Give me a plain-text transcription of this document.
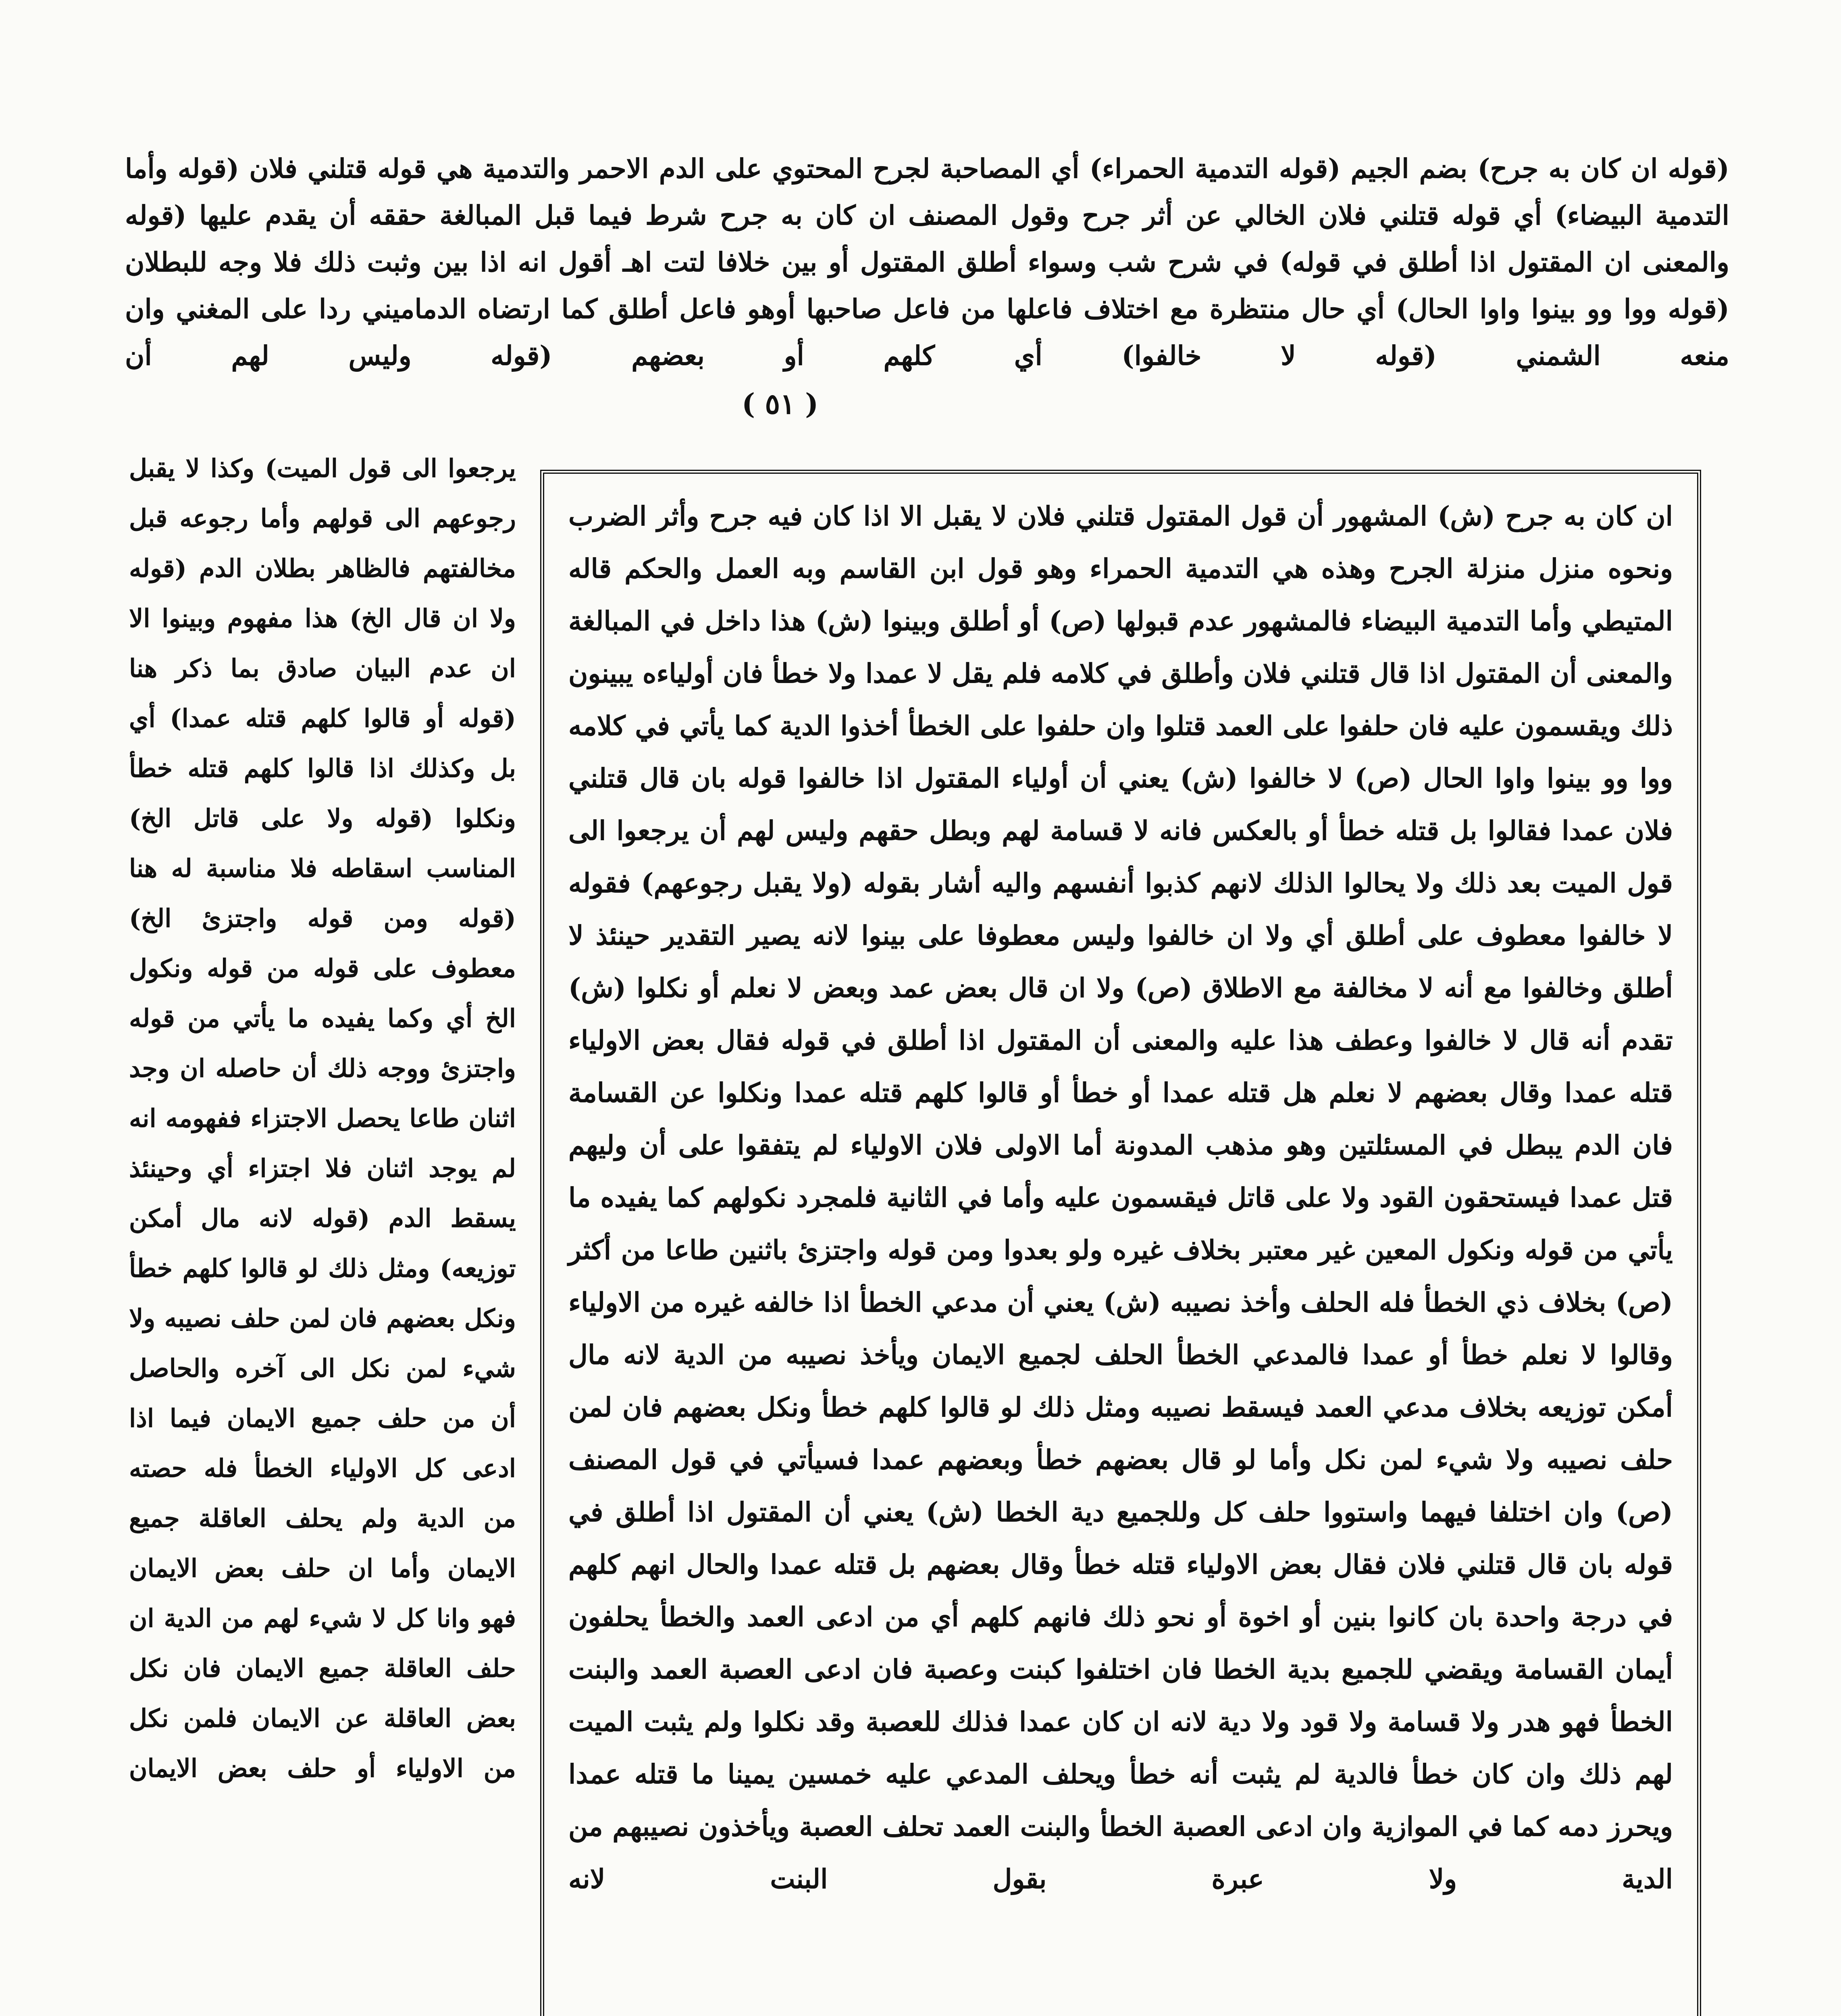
(قوله ان كان به جرح) بضم الجيم (قوله التدمية الحمراء) أي المصاحبة لجرح المحتوي على الدم الاحمر والتدمية هي قوله قتلني فلان (قوله وأما التدمية البيضاء) أي قوله قتلني فلان الخالي عن أثر جرح وقول المصنف ان كان به جرح شرط فيما قبل المبالغة حققه أن يقدم عليها (قوله والمعنى ان المقتول اذا أطلق في قوله) في شرح شب وسواء أطلق المقتول أو بين خلافا لتت اهـ أقول انه اذا بين وثبت ذلك فلا وجه للبطلان (قوله ووا وو بينوا واوا الحال) أي حال منتظرة مع اختلاف فاعلها من فاعل صاحبها أوهو فاعل أطلق كما ارتضاه الدماميني ردا على المغني وان منعه الشمني (قوله لا خالفوا) أي كلهم أو بعضهم (قوله وليس لهم أن

( ٥١ )

ان كان به جرح (ش) المشهور أن قول المقتول قتلني فلان لا يقبل الا اذا كان فيه جرح وأثر الضرب ونحوه منزل منزلة الجرح وهذه هي التدمية الحمراء وهو قول ابن القاسم وبه العمل والحكم قاله المتيطي وأما التدمية البيضاء فالمشهور عدم قبولها (ص) أو أطلق وبينوا (ش) هذا داخل في المبالغة والمعنى أن المقتول اذا قال قتلني فلان وأطلق في كلامه فلم يقل لا عمدا ولا خطأ فان أولياءه يبينون ذلك ويقسمون عليه فان حلفوا على العمد قتلوا وان حلفوا على الخطأ أخذوا الدية كما يأتي في كلامه ووا وو بينوا واوا الحال (ص) لا خالفوا (ش) يعني أن أولياء المقتول اذا خالفوا قوله بان قال قتلني فلان عمدا فقالوا بل قتله خطأ أو بالعكس فانه لا قسامة لهم وبطل حقهم وليس لهم أن يرجعوا الى قول الميت بعد ذلك ولا يحالوا الذلك لانهم كذبوا أنفسهم واليه أشار بقوله (ولا يقبل رجوعهم) فقوله لا خالفوا معطوف على أطلق أي ولا ان خالفوا وليس معطوفا على بينوا لانه يصير التقدير حينئذ لا أطلق وخالفوا مع أنه لا مخالفة مع الاطلاق (ص) ولا ان قال بعض عمد وبعض لا نعلم أو نكلوا (ش) تقدم أنه قال لا خالفوا وعطف هذا عليه والمعنى أن المقتول اذا أطلق في قوله فقال بعض الاولياء قتله عمدا وقال بعضهم لا نعلم هل قتله عمدا أو خطأ أو قالوا كلهم قتله عمدا ونكلوا عن القسامة فان الدم يبطل في المسئلتين وهو مذهب المدونة أما الاولى فلان الاولياء لم يتفقوا على أن وليهم قتل عمدا فيستحقون القود ولا على قاتل فيقسمون عليه وأما في الثانية فلمجرد نكولهم كما يفيده ما يأتي من قوله ونكول المعين غير معتبر بخلاف غيره ولو بعدوا ومن قوله واجتزئ باثنين طاعا من أكثر (ص) بخلاف ذي الخطأ فله الحلف وأخذ نصيبه (ش) يعني أن مدعي الخطأ اذا خالفه غيره من الاولياء وقالوا لا نعلم خطأ أو عمدا فالمدعي الخطأ الحلف لجميع الايمان ويأخذ نصيبه من الدية لانه مال أمكن توزيعه بخلاف مدعي العمد فيسقط نصيبه ومثل ذلك لو قالوا كلهم خطأ ونكل بعضهم فان لمن حلف نصيبه ولا شيء لمن نكل وأما لو قال بعضهم خطأ وبعضهم عمدا فسيأتي في قول المصنف (ص) وان اختلفا فيهما واستووا حلف كل وللجميع دية الخطا (ش) يعني أن المقتول اذا أطلق في قوله بان قال قتلني فلان فقال بعض الاولياء قتله خطأ وقال بعضهم بل قتله عمدا والحال انهم كلهم في درجة واحدة بان كانوا بنين أو اخوة أو نحو ذلك فانهم كلهم أي من ادعى العمد والخطأ يحلفون أيمان القسامة ويقضي للجميع بدية الخطا فان اختلفوا كبنت وعصبة فان ادعى العصبة العمد والبنت الخطأ فهو هدر ولا قسامة ولا قود ولا دية لانه ان كان عمدا فذلك للعصبة وقد نكلوا ولم يثبت الميت لهم ذلك وان كان خطأ فالدية لم يثبت أنه خطأ ويحلف المدعي عليه خمسين يمينا ما قتله عمدا ويحرز دمه كما في الموازية وان ادعى العصبة الخطأ والبنت العمد تحلف العصبة ويأخذون نصيبهم من الدية ولا عبرة بقول البنت لانه

يرجعوا الى قول الميت) وكذا لا يقبل رجوعهم الى قولهم وأما رجوعه قبل مخالفتهم فالظاهر بطلان الدم (قوله ولا ان قال الخ) هذا مفهوم وبينوا الا ان عدم البيان صادق بما ذكر هنا (قوله أو قالوا كلهم قتله عمدا) أي بل وكذلك اذا قالوا كلهم قتله خطأ ونكلوا (قوله ولا على قاتل الخ) المناسب اسقاطه فلا مناسبة له هنا (قوله ومن قوله واجتزئ الخ) معطوف على قوله من قوله ونكول الخ أي وكما يفيده ما يأتي من قوله واجتزئ ووجه ذلك أن حاصله ان وجد اثنان طاعا يحصل الاجتزاء ففهومه انه لم يوجد اثنان فلا اجتزاء أي وحينئذ يسقط الدم (قوله لانه مال أمكن توزيعه) ومثل ذلك لو قالوا كلهم خطأ ونكل بعضهم فان لمن حلف نصيبه ولا شيء لمن نكل الى آخره والحاصل أن من حلف جميع الايمان فيما اذا ادعى كل الاولياء الخطأ فله حصته من الدية ولم يحلف العاقلة جميع الايمان وأما ان حلف بعض الايمان فهو وانا كل لا شيء لهم من الدية ان حلف العاقلة جميع الايمان فان نكل بعض العاقلة عن الايمان فلمن نكل من الاولياء أو حلف بعض الايمان
